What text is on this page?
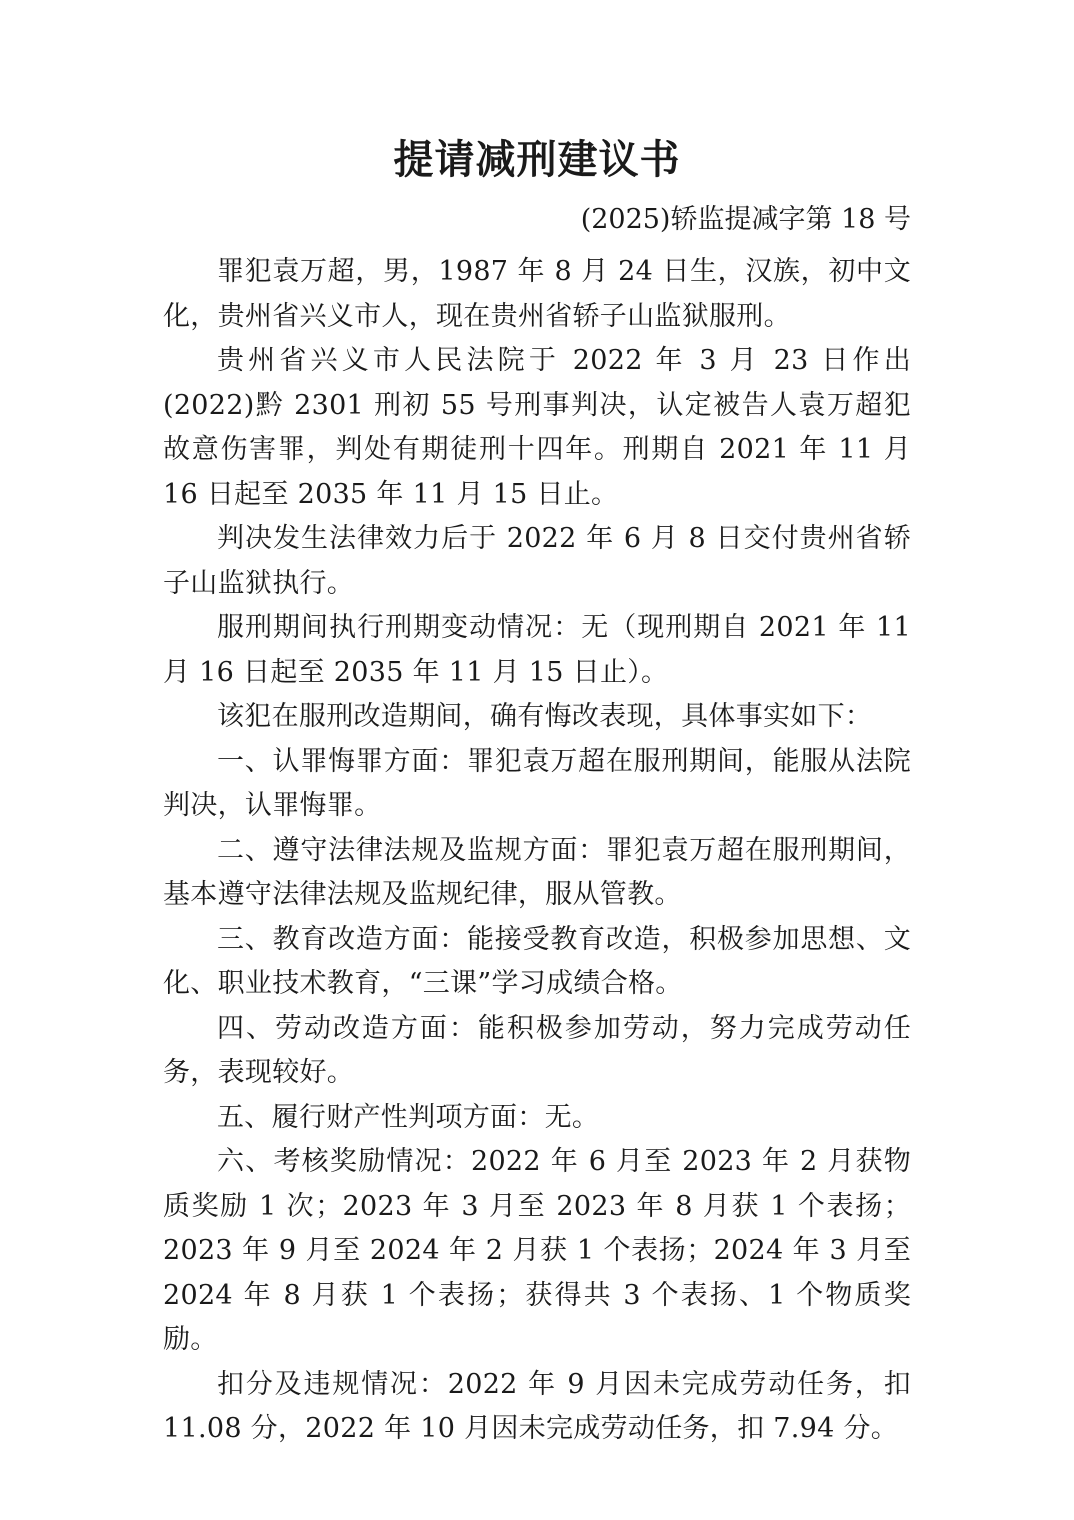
提请减刑建议书

(2025)轿监提减字第 18 号

罪犯袁万超，男，1987 年 8 月 24 日生，汉族，初中文化，贵州省兴义市人，现在贵州省轿子山监狱服刑。

贵州省兴义市人民法院于 2022 年 3 月 23 日作出(2022)黔 2301 刑初 55 号刑事判决，认定被告人袁万超犯故意伤害罪，判处有期徒刑十四年。刑期自 2021 年 11 月 16 日起至 2035 年 11 月 15 日止。

判决发生法律效力后于 2022 年 6 月 8 日交付贵州省轿子山监狱执行。

服刑期间执行刑期变动情况：无（现刑期自 2021 年 11 月 16 日起至 2035 年 11 月 15 日止）。

该犯在服刑改造期间，确有悔改表现，具体事实如下：

一、认罪悔罪方面：罪犯袁万超在服刑期间，能服从法院判决，认罪悔罪。

二、遵守法律法规及监规方面：罪犯袁万超在服刑期间，基本遵守法律法规及监规纪律，服从管教。

三、教育改造方面：能接受教育改造，积极参加思想、文化、职业技术教育，“三课”学习成绩合格。

四、劳动改造方面：能积极参加劳动，努力完成劳动任务，表现较好。

五、履行财产性判项方面：无。

六、考核奖励情况：2022 年 6 月至 2023 年 2 月获物质奖励 1 次；2023 年 3 月至 2023 年 8 月获 1 个表扬；2023 年 9 月至 2024 年 2 月获 1 个表扬；2024 年 3 月至 2024 年 8 月获 1 个表扬；获得共 3 个表扬、1 个物质奖励。

扣分及违规情况：2022 年 9 月因未完成劳动任务，扣 11.08 分，2022 年 10 月因未完成劳动任务，扣 7.94 分。
